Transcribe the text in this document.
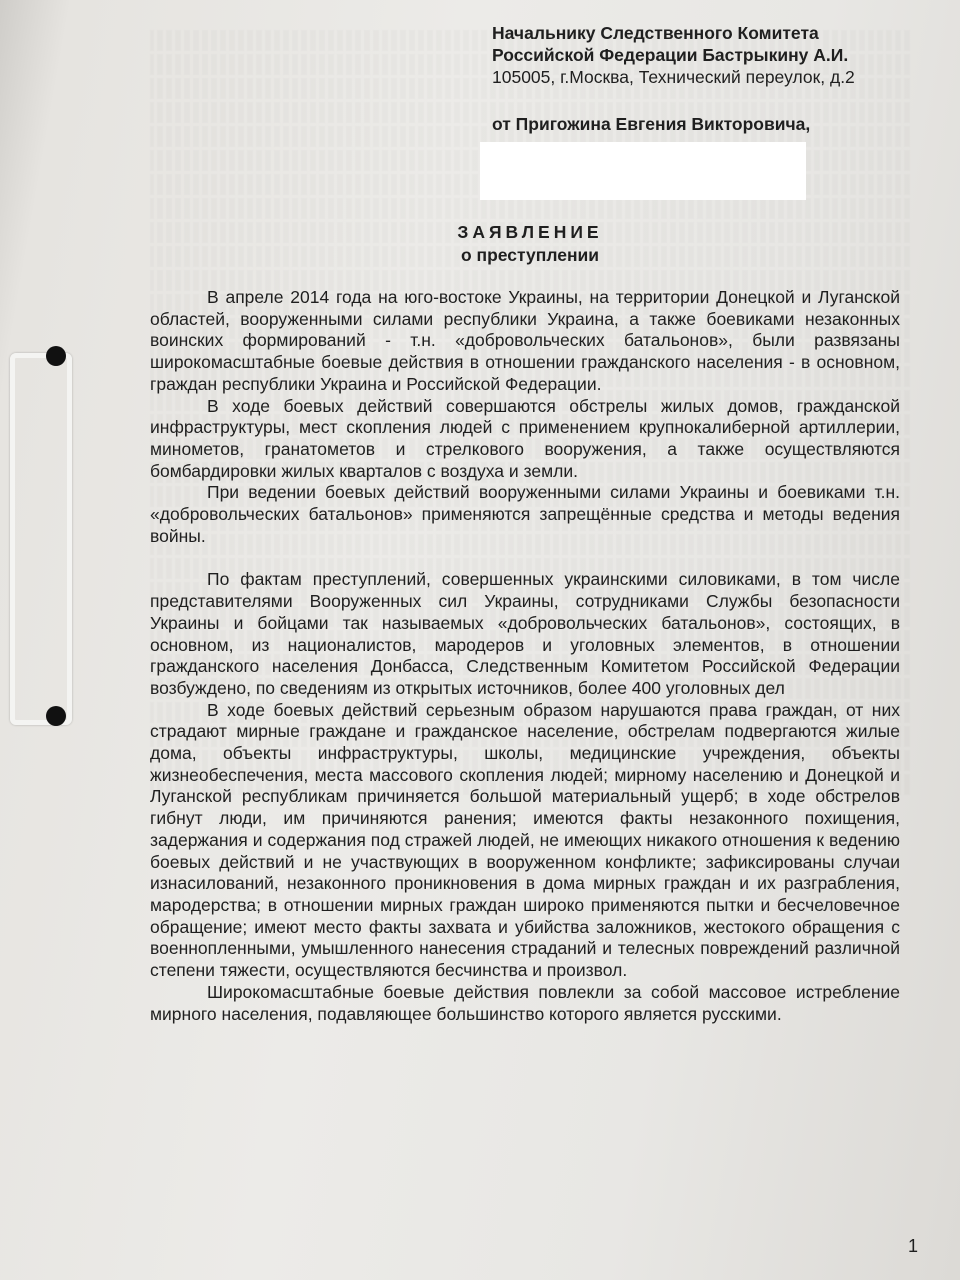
Начальнику Следственного Комитета
Российской Федерации Бастрыкину А.И.
105005, г.Москва, Технический переулок, д.2
от Пригожина Евгения Викторовича,
ЗАЯВЛЕНИЕ
о преступлении

В апреле 2014 года на юго-востоке Украины, на территории Донецкой и Луганской областей, вооруженными силами республики Украина, а также боевиками незаконных воинских формирований - т.н. «добровольческих батальонов», были развязаны широкомасштабные боевые действия в отношении гражданского населения - в основном, граждан республики Украина и Российской Федерации.

В ходе боевых действий совершаются обстрелы жилых домов, гражданской инфраструктуры, мест скопления людей с применением крупнокалиберной артиллерии, минометов, гранатометов и стрелкового вооружения, а также осуществляются бомбардировки жилых кварталов с воздуха и земли.

При ведении боевых действий вооруженными силами Украины и боевиками т.н. «добровольческих батальонов» применяются запрещённые средства и методы ведения войны.

По фактам преступлений, совершенных украинскими силовиками, в том числе представителями Вооруженных сил Украины, сотрудниками Службы безопасности Украины и бойцами так называемых «добровольческих батальонов», состоящих, в основном, из националистов, мародеров и уголовных элементов, в отношении гражданского населения Донбасса, Следственным Комитетом Российской Федерации возбуждено, по сведениям из открытых источников, более 400 уголовных дел

В ходе боевых действий серьезным образом нарушаются права граждан, от них страдают мирные граждане и гражданское население, обстрелам подвергаются жилые дома, объекты инфраструктуры, школы, медицинские учреждения, объекты жизнеобеспечения, места массового скопления людей; мирному населению и Донецкой и Луганской республикам причиняется большой материальный ущерб; в ходе обстрелов гибнут люди, им причиняются ранения; имеются факты незаконного похищения, задержания и содержания под стражей людей, не имеющих никакого отношения к ведению боевых действий и не участвующих в вооруженном конфликте; зафиксированы случаи изнасилований, незаконного проникновения в дома мирных граждан и их разграбления, мародерства; в отношении мирных граждан широко применяются пытки и бесчеловечное обращение; имеют место факты захвата и убийства заложников, жестокого обращения с военнопленными, умышленного нанесения страданий и телесных повреждений различной степени тяжести, осуществляются бесчинства и произвол.

Широкомасштабные боевые действия повлекли за собой массовое истребление мирного населения, подавляющее большинство которого является русскими.

1
